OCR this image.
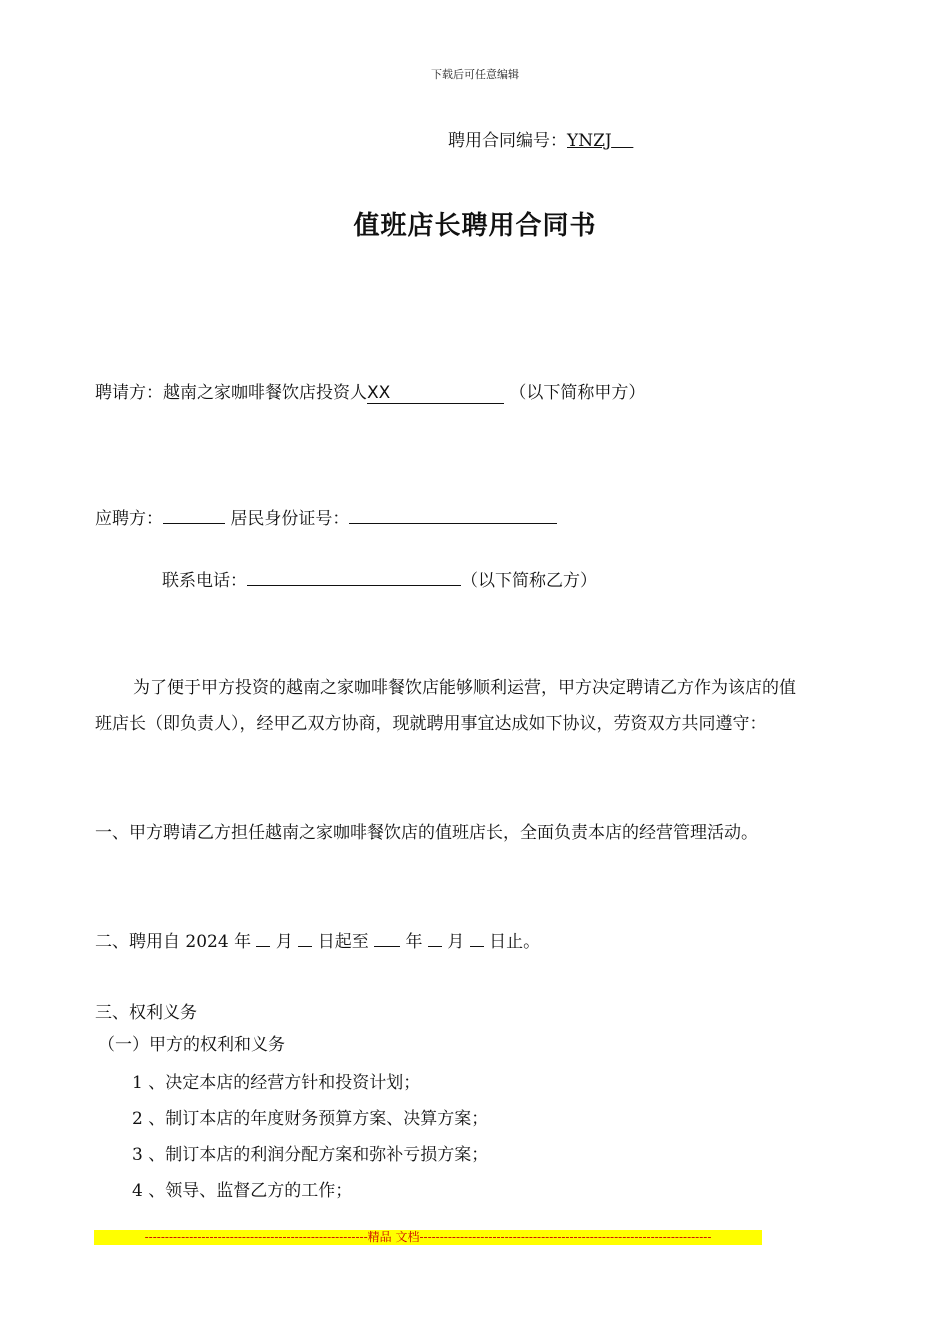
下载后可任意编辑
聘用合同编号：YNZJ
值班店长聘用合同书
聘请方：越南之家咖啡餐饮店投资人XX	（以下简称甲方）
应聘方：	居民身份证号：
联系电话：	（以下简称乙方）
为了便于甲方投资的越南之家咖啡餐饮店能够顺利运营，甲方决定聘请乙方作为该店的值班店长（即负责人），经甲乙双方协商，现就聘用事宜达成如下协议，劳资双方共同遵守：
一、甲方聘请乙方担任越南之家咖啡餐饮店的值班店长，全面负责本店的经营管理活动。
二、聘用自 2024 年 月 日起至 年 月 日止。
三、权利义务
（一）甲方的权利和义务
1 、决定本店的经营方针和投资计划；
2 、制订本店的年度财务预算方案、决算方案；
3 、制订本店的利润分配方案和弥补亏损方案；
4 、领导、监督乙方的工作；
-------------------------------------------------------精品 文档------------------------------------------------------------------------
